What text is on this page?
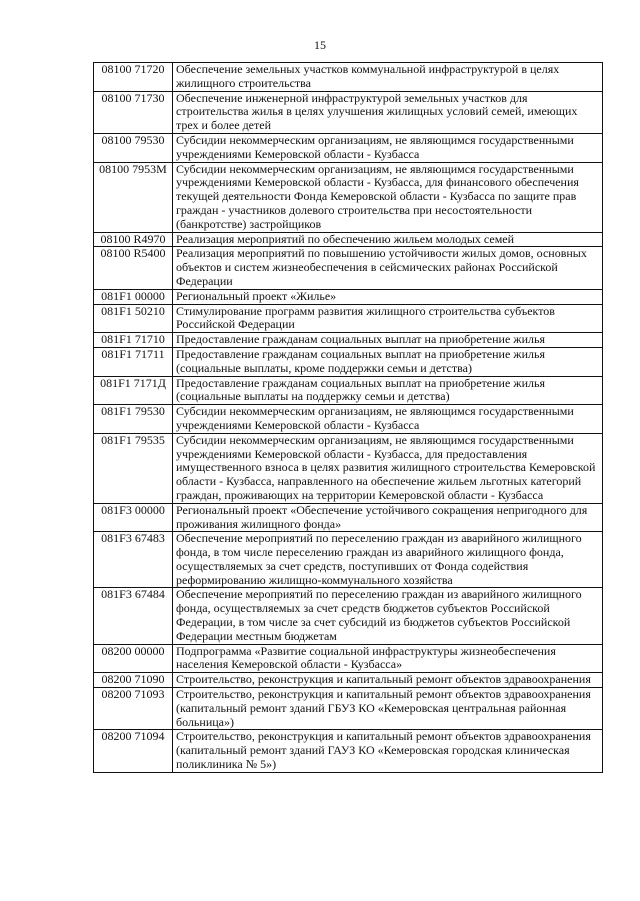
15
08100 71720	Обеспечение земельных участков коммунальной инфраструктурой в целях жилищного строительства
08100 71730	Обеспечение инженерной инфраструктурой земельных участков для строительства жилья в целях улучшения жилищных условий семей, имеющих трех и более детей
08100 79530	Субсидии некоммерческим организациям, не являющимся государственными учреждениями Кемеровской области - Кузбасса
08100 7953М	Субсидии некоммерческим организациям, не являющимся государственными учреждениями Кемеровской области - Кузбасса, для финансового обеспечения текущей деятельности Фонда Кемеровской области - Кузбасса по защите прав граждан - участников долевого строительства при несостоятельности (банкротстве) застройщиков
08100 R4970	Реализация мероприятий по обеспечению жильем молодых семей
08100 R5400	Реализация мероприятий по повышению устойчивости жилых домов, основных объектов и систем жизнеобеспечения в сейсмических районах Российской Федерации
081F1 00000	Региональный проект «Жилье»
081F1 50210	Стимулирование программ развития жилищного строительства субъектов Российской Федерации
081F1 71710	Предоставление гражданам социальных выплат на приобретение жилья
081F1 71711	Предоставление гражданам социальных выплат на приобретение жилья (социальные выплаты, кроме поддержки семьи и детства)
081F1 7171Д	Предоставление гражданам социальных выплат на приобретение жилья (социальные выплаты на поддержку семьи и детства)
081F1 79530	Субсидии некоммерческим организациям, не являющимся государственными учреждениями Кемеровской области - Кузбасса
081F1 79535	Субсидии некоммерческим организациям, не являющимся государственными учреждениями Кемеровской области - Кузбасса, для предоставления имущественного взноса в целях развития жилищного строительства Кемеровской области - Кузбасса, направленного на обеспечение жильем льготных категорий граждан, проживающих на территории Кемеровской области - Кузбасса
081F3 00000	Региональный проект «Обеспечение устойчивого сокращения непригодного для проживания жилищного фонда»
081F3 67483	Обеспечение мероприятий по переселению граждан из аварийного жилищного фонда, в том числе переселению граждан из аварийного жилищного фонда, осуществляемых за счет средств, поступивших от Фонда содействия реформированию жилищно-коммунального хозяйства
081F3 67484	Обеспечение мероприятий по переселению граждан из аварийного жилищного фонда, осуществляемых за счет средств бюджетов субъектов Российской Федерации, в том числе за счет субсидий из бюджетов субъектов Российской Федерации местным бюджетам
08200 00000	Подпрограмма «Развитие социальной инфраструктуры жизнеобеспечения населения Кемеровской области - Кузбасса»
08200 71090	Строительство, реконструкция и капитальный ремонт объектов здравоохранения
08200 71093	Строительство, реконструкция и капитальный ремонт объектов здравоохранения (капитальный ремонт зданий ГБУЗ КО «Кемеровская центральная районная больница»)
08200 71094	Строительство, реконструкция и капитальный ремонт объектов здравоохранения (капитальный ремонт зданий ГАУЗ КО «Кемеровская городская клиническая поликлиника № 5»)
